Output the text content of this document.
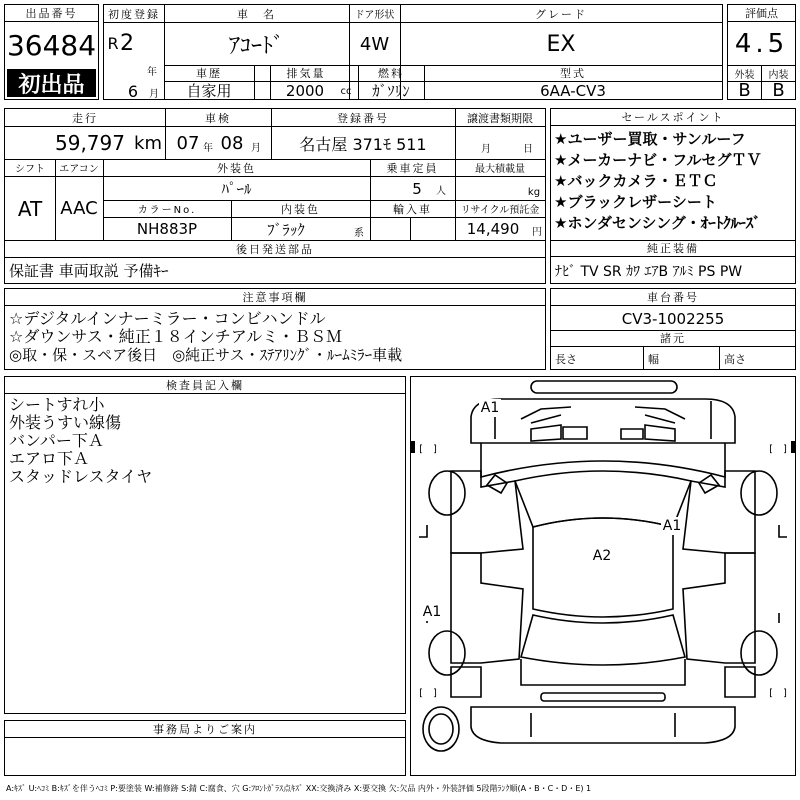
出品番号
36484
初出品
初度登録
R 2
年
6	月
車　名
ｱｺｰﾄﾞ
ドア形状
4W
グレード
EX
車歴
自家用
排気量
2000	cc
燃料
ｶﾞｿﾘﾝ
型式
6AA-CV3
評価点
4.5
外装	内装
B	B
走行
59,797 km
車検
07 年 08 月
登録番号
名古屋 371ﾓ 511
譲渡書類期限
月	日
シフト
AT
エアコン
AAC
外装色
ﾊﾟｰﾙ
乗車定員
5	人
最大積載量
kg
カラーNo.
NH883P
内装色
ﾌﾞﾗｯｸ	系
輸入車	リサイクル預託金
14,490	円
後日発送部品
保証書 車両取説 予備ｷｰ
セールスポイント
★ユーザー買取・サンルーフ
★メーカーナビ・フルセグＴＶ
★バックカメラ・ＥＴＣ
★ブラックレザーシート
★ホンダセンシング・ｵｰﾄｸﾙｰｽﾞ
純正装備
ﾅﾋﾞ TV SR ｶﾜ ｴｱB ｱﾙﾐ PS PW
注意事項欄
☆デジタルインナーミラー・コンビハンドル
☆ダウンサス・純正１８インチアルミ・ＢＳＭ
◎取・保・スペア後日　◎純正サス・ｽﾃｱﾘﾝｸﾞ・ﾙｰﾑﾐﾗｰ車載
車台番号
CV3-1002255
諸元
長さ	幅	高さ
検査員記入欄
シートすれ小
外装うすい線傷
バンパー下Ａ
エアロ下Ａ
スタッドレスタイヤ
事務局よりご案内
A1
A1
A2
A1
[　]	[　]
[　]	[　]
A:ｷｽﾞ U:ﾍｺﾐ B:ｷｽﾞを伴うﾍｺﾐ P:要塗装 W:補修跡 S:錆 C:腐食、穴 G:ﾌﾛﾝﾄｶﾞﾗｽ点ｷｽﾞ XX:交換済み X:要交換 欠:欠品 内外・外装評価 5段階ﾗﾝｸ順(A・B・C・D・E) 1
